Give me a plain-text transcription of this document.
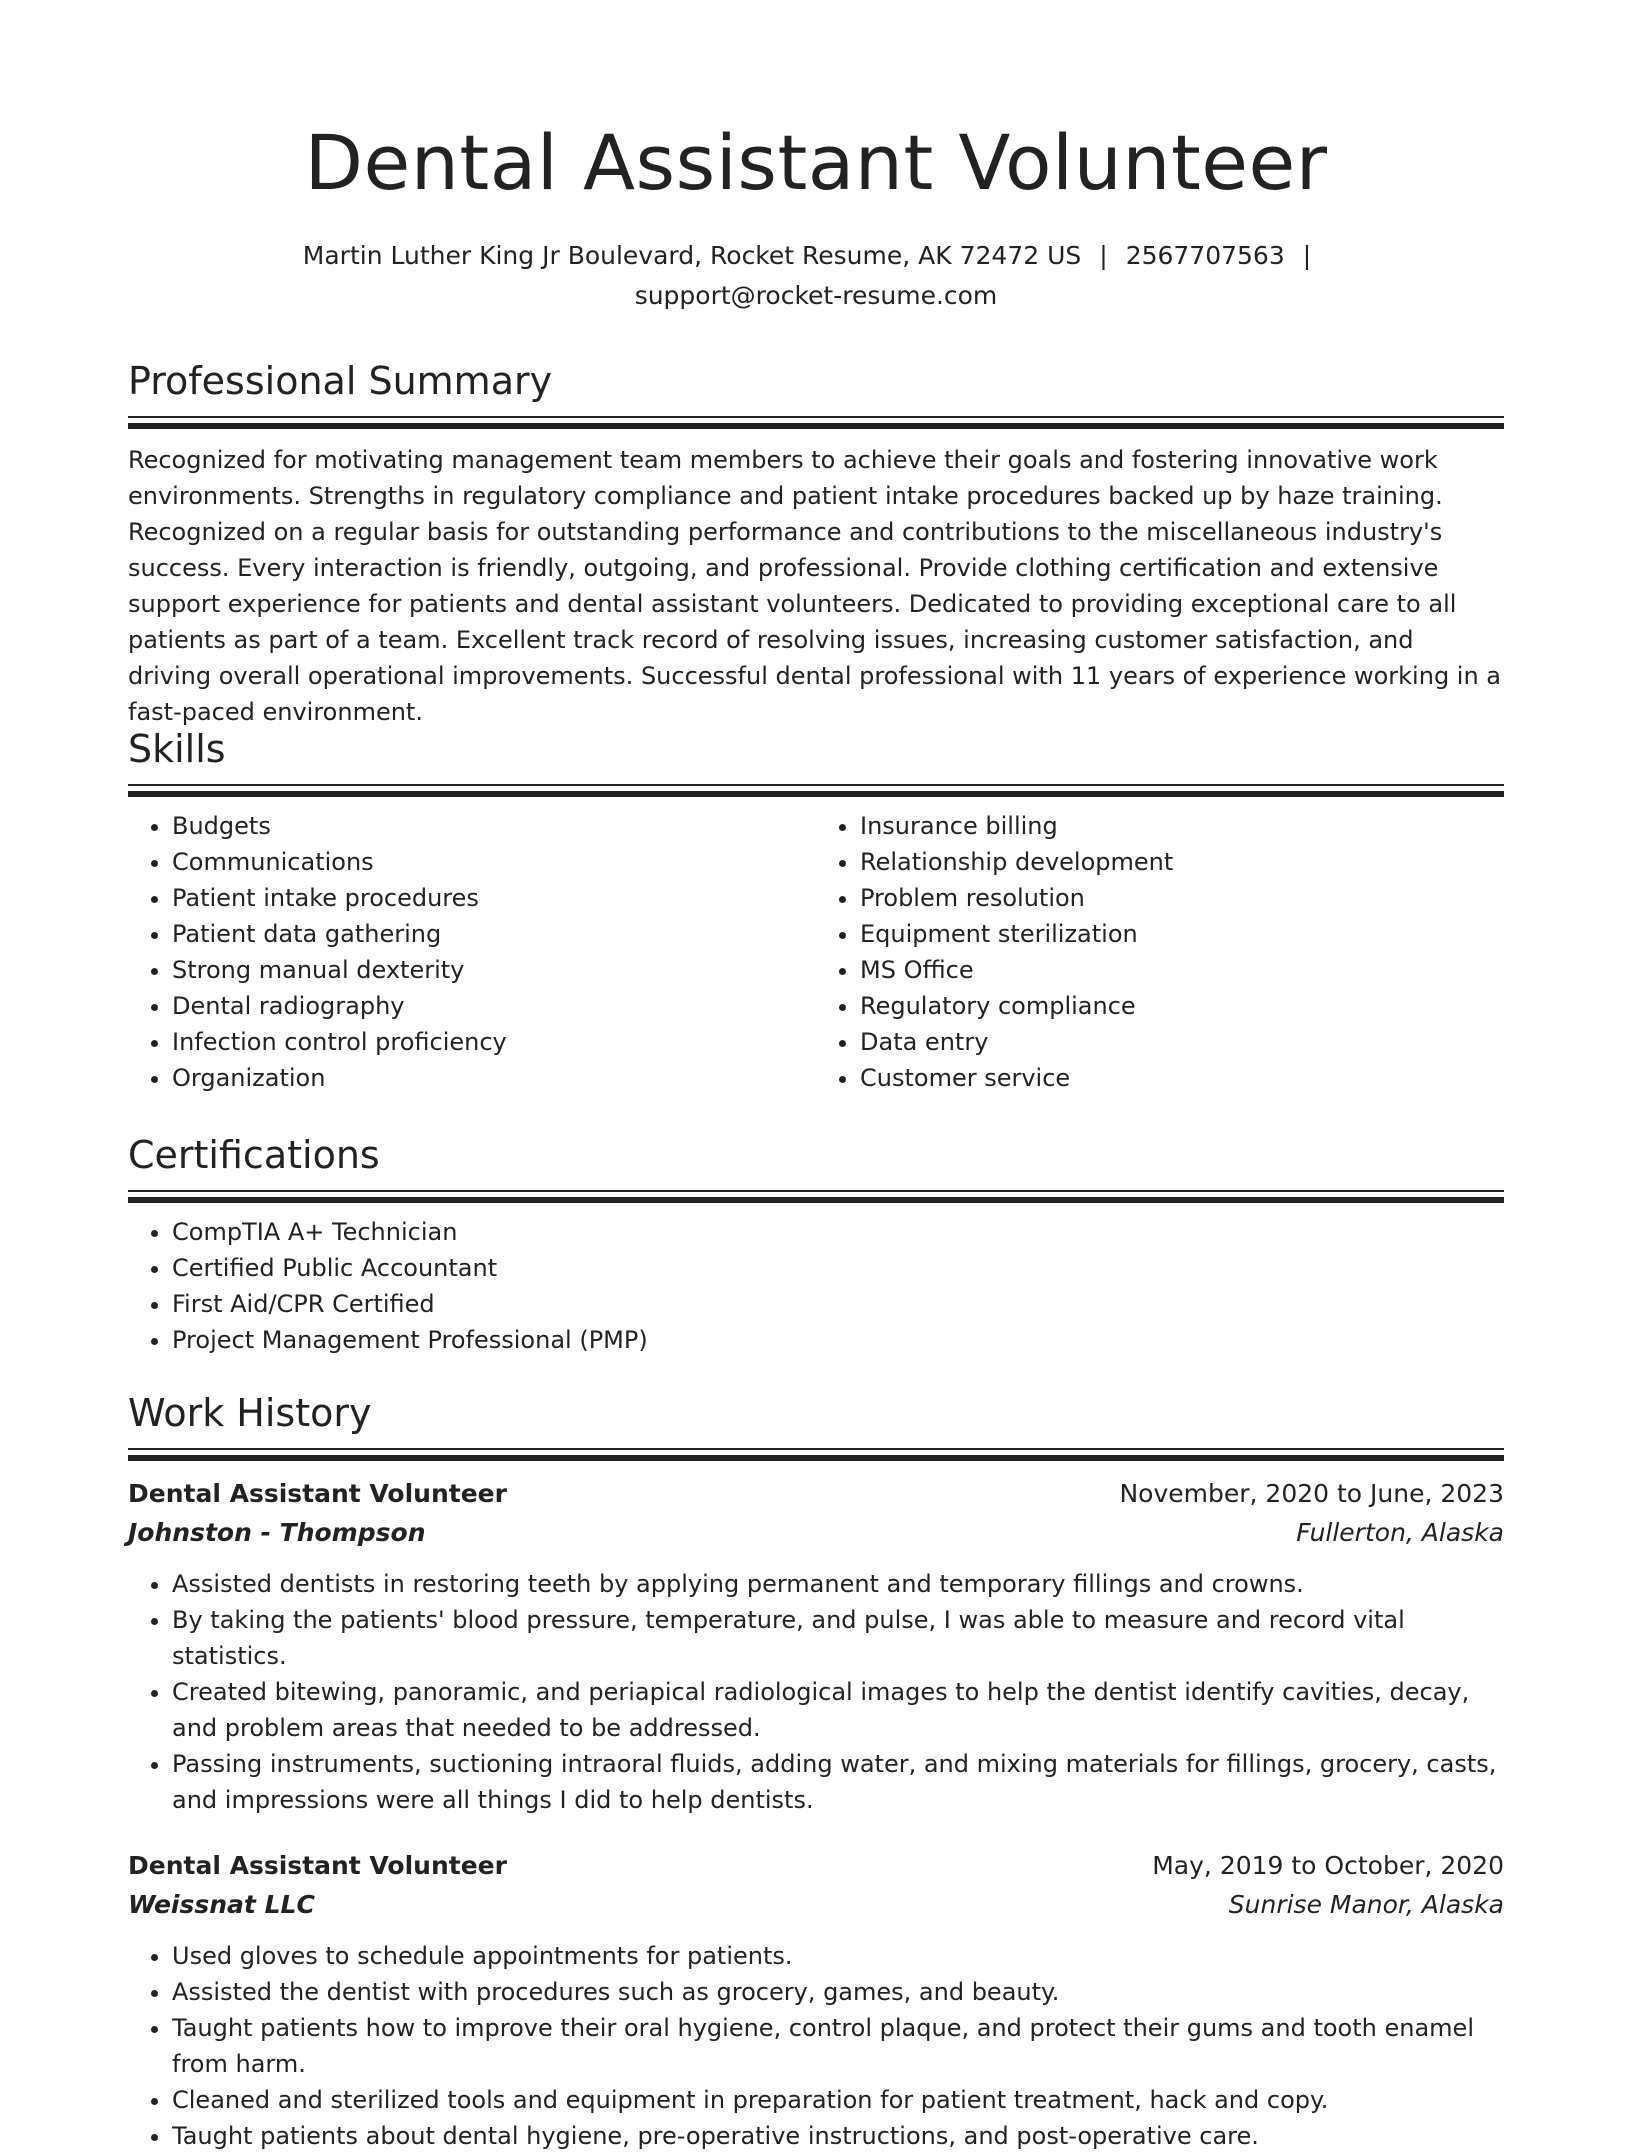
Dental Assistant Volunteer
Martin Luther King Jr Boulevard, Rocket Resume, AK 72472 US | 2567707563 |
support@rocket-resume.com
Professional Summary
Recognized for motivating management team members to achieve their goals and fostering innovative work environments. Strengths in regulatory compliance and patient intake procedures backed up by haze training. Recognized on a regular basis for outstanding performance and contributions to the miscellaneous industry's success. Every interaction is friendly, outgoing, and professional. Provide clothing certification and extensive support experience for patients and dental assistant volunteers. Dedicated to providing exceptional care to all patients as part of a team. Excellent track record of resolving issues, increasing customer satisfaction, and driving overall operational improvements. Successful dental professional with 11 years of experience working in a fast-paced environment.
Skills
• Budgets
• Communications
• Patient intake procedures
• Patient data gathering
• Strong manual dexterity
• Dental radiography
• Infection control proficiency
• Organization
• Insurance billing
• Relationship development
• Problem resolution
• Equipment sterilization
• MS Office
• Regulatory compliance
• Data entry
• Customer service
Certifications
• CompTIA A+ Technician
• Certified Public Accountant
• First Aid/CPR Certified
• Project Management Professional (PMP)
Work History
Dental Assistant Volunteer	November, 2020 to June, 2023
Johnston - Thompson	Fullerton, Alaska
• Assisted dentists in restoring teeth by applying permanent and temporary fillings and crowns.
• By taking the patients' blood pressure, temperature, and pulse, I was able to measure and record vital statistics.
• Created bitewing, panoramic, and periapical radiological images to help the dentist identify cavities, decay, and problem areas that needed to be addressed.
• Passing instruments, suctioning intraoral fluids, adding water, and mixing materials for fillings, grocery, casts, and impressions were all things I did to help dentists.
Dental Assistant Volunteer	May, 2019 to October, 2020
Weissnat LLC	Sunrise Manor, Alaska
• Used gloves to schedule appointments for patients.
• Assisted the dentist with procedures such as grocery, games, and beauty.
• Taught patients how to improve their oral hygiene, control plaque, and protect their gums and tooth enamel from harm.
• Cleaned and sterilized tools and equipment in preparation for patient treatment, hack and copy.
• Taught patients about dental hygiene, pre-operative instructions, and post-operative care.
